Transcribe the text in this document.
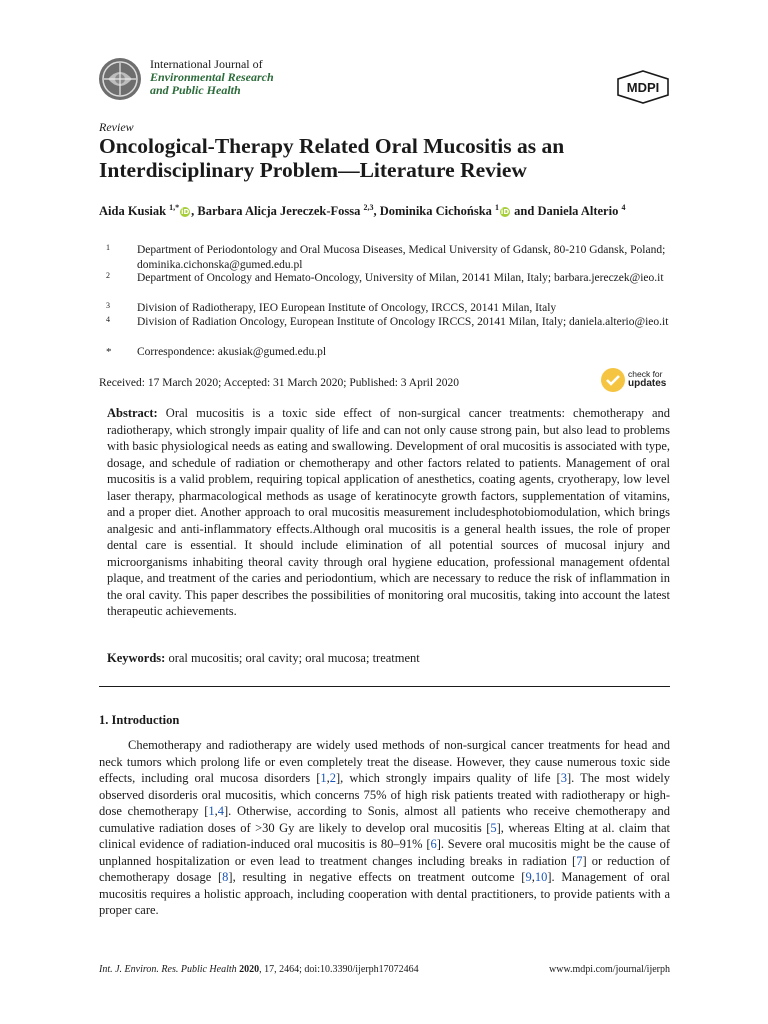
International Journal of
Environmental Research
and Public Health	MDPI
Review
Oncological-Therapy Related Oral Mucositis as an Interdisciplinary Problem—Literature Review
Aida Kusiak $^{1,*}$iD , Barbara Alicja Jereczek-Fossa $^{2,3}$, Dominika Cichońska $^1$iD and Daniela Alterio $^4$
1 Department of Periodontology and Oral Mucosa Diseases, Medical University of Gdansk, 80-210 Gdansk, Poland; dominika.cichonska@gumed.edu.pl
2 Department of Oncology and Hemato-Oncology, University of Milan, 20141 Milan, Italy; barbara.jereczek@ieo.it
3 Division of Radiotherapy, IEO European Institute of Oncology, IRCCS, 20141 Milan, Italy
4 Division of Radiation Oncology, European Institute of Oncology IRCCS, 20141 Milan, Italy; daniela.alterio@ieo.it
* Correspondence: akusiak@gumed.edu.pl
Received: 17 March 2020; Accepted: 31 March 2020; Published: 3 April 2020
check for
updates
Abstract: Oral mucositis is a toxic side effect of non-surgical cancer treatments: chemotherapy and radiotherapy, which strongly impair quality of life and can not only cause strong pain, but also lead to problems with basic physiological needs as eating and swallowing. Development of oral mucositis is associated with type, dosage, and schedule of radiation or chemotherapy and other factors related to patients. Management of oral mucositis is a valid problem, requiring topical application of anesthetics, coating agents, cryotherapy, low level laser therapy, pharmacological methods as usage of keratinocyte growth factors, supplementation of vitamins, and a proper diet. Another approach to oral mucositis measurement includesphotobiomodulation, which brings analgesic and anti-inflammatory effects.Although oral mucositis is a general health issues, the role of proper dental care is essential. It should include elimination of all potential sources of mucosal injury and microorganisms inhabiting theoral cavity through oral hygiene education, professional management ofdental plaque, and treatment of the caries and periodontium, which are necessary to reduce the risk of inflammation in the oral cavity. This paper describes the possibilities of monitoring oral mucositis, taking into account the latest therapeutic achievements.
Keywords: oral mucositis; oral cavity; oral mucosa; treatment
1. Introduction
Chemotherapy and radiotherapy are widely used methods of non-surgical cancer treatments for head and neck tumors which prolong life or even completely treat the disease. However, they cause numerous toxic side effects, including oral mucosa disorders [1,2], which strongly impairs quality of life [3]. The most widely observed disorderis oral mucositis, which concerns 75% of high risk patients treated with radiotherapy or high-dose chemotherapy [1,4]. Otherwise, according to Sonis, almost all patients who receive chemotherapy and cumulative radiation doses of >30 Gy are likely to develop oral mucositis [5], whereas Elting at al. claim that clinical evidence of radiation-induced oral mucositis is 80–91% [6]. Severe oral mucositis might be the cause of unplanned hospitalization or even lead to treatment changes including breaks in radiation [7] or reduction of chemotherapy dosage [8], resulting in negative effects on treatment outcome [9,10]. Management of oral mucositis requires a holistic approach, including cooperation with dental practitioners, to provide patients with a proper care.
Int. J. Environ. Res. Public Health 2020, 17, 2464; doi:10.3390/ijerph17072464	www.mdpi.com/journal/ijerph
